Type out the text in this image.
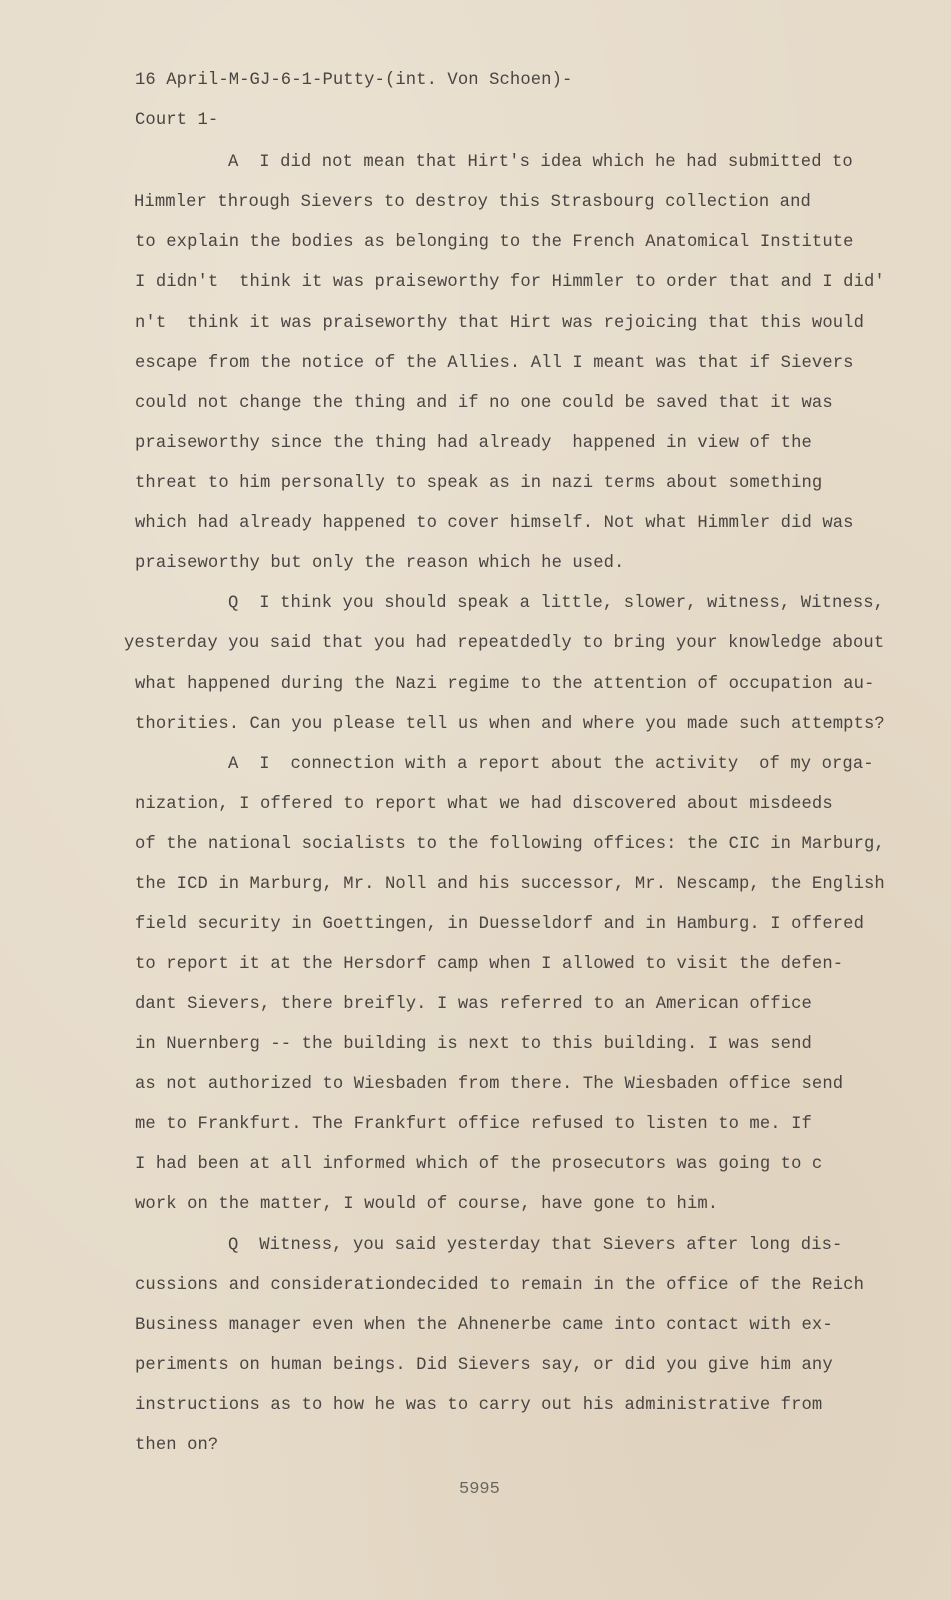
16 April-M-GJ-6-1-Putty-(int. Von Schoen)-

Court 1-

A  I did not mean that Hirt's idea which he had submitted to

Himmler through Sievers to destroy this Strasbourg collection and

to explain the bodies as belonging to the French Anatomical Institute

I didn't  think it was praiseworthy for Himmler to order that and I did'

n't  think it was praiseworthy that Hirt was rejoicing that this would

escape from the notice of the Allies. All I meant was that if Sievers

could not change the thing and if no one could be saved that it was

praiseworthy since the thing had already  happened in view of the

threat to him personally to speak as in nazi terms about something

which had already happened to cover himself. Not what Himmler did was

praiseworthy but only the reason which he used.

Q  I think you should speak a little, slower, witness, Witness,

yesterday you said that you had repeatdedly to bring your knowledge about

what happened during the Nazi regime to the attention of occupation au-

thorities. Can you please tell us when and where you made such attempts?

A  I  connection with a report about the activity  of my orga-

nization, I offered to report what we had discovered about misdeeds

of the national socialists to the following offices: the CIC in Marburg,

the ICD in Marburg, Mr. Noll and his successor, Mr. Nescamp, the English

field security in Goettingen, in Duesseldorf and in Hamburg. I offered

to report it at the Hersdorf camp when I allowed to visit the defen-

dant Sievers, there breifly. I was referred to an American office

in Nuernberg -- the building is next to this building. I was send

as not authorized to Wiesbaden from there. The Wiesbaden office send

me to Frankfurt. The Frankfurt office refused to listen to me. If

I had been at all informed which of the prosecutors was going to c

work on the matter, I would of course, have gone to him.

Q  Witness, you said yesterday that Sievers after long dis-

cussions and considerationdecided to remain in the office of the Reich

Business manager even when the Ahnenerbe came into contact with ex-

periments on human beings. Did Sievers say, or did you give him any

instructions as to how he was to carry out his administrative from

then on?

5995
